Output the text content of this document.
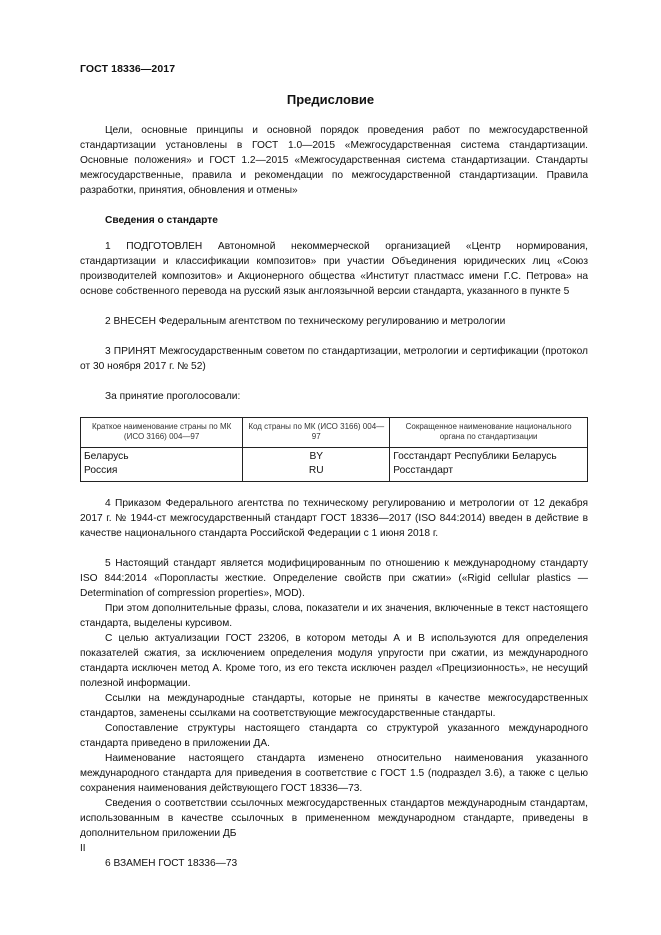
ГОСТ 18336—2017
Предисловие

Цели, основные принципы и основной порядок проведения работ по межгосударственной стандартизации установлены в ГОСТ 1.0—2015 «Межгосударственная система стандартизации. Основные положения» и ГОСТ 1.2—2015 «Межгосударственная система стандартизации. Стандарты межгосударственные, правила и рекомендации по межгосударственной стандартизации. Правила разработки, принятия, обновления и отмены»

Сведения о стандарте

1 ПОДГОТОВЛЕН Автономной некоммерческой организацией «Центр нормирования, стандартизации и классификации композитов» при участии Объединения юридических лиц «Союз производителей композитов» и Акционерного общества «Институт пластмасс имени Г.С. Петрова» на основе собственного перевода на русский язык англоязычной версии стандарта, указанного в пункте 5

2 ВНЕСЕН Федеральным агентством по техническому регулированию и метрологии

3 ПРИНЯТ Межгосударственным советом по стандартизации, метрологии и сертификации (протокол от 30 ноября 2017 г. № 52)

За принятие проголосовали:

Краткое наименование страны по МК (ИСО 3166) 004—97	Код страны по МК (ИСО 3166) 004—97	Сокращенное наименование национального органа по стандартизации
Беларусь	BY	Госстандарт Республики Беларусь
Россия	RU	Росстандарт

4 Приказом Федерального агентства по техническому регулированию и метрологии от 12 декабря 2017 г. № 1944-ст межгосударственный стандарт ГОСТ 18336—2017 (ISO 844:2014) введен в действие в качестве национального стандарта Российской Федерации с 1 июня 2018 г.

5 Настоящий стандарт является модифицированным по отношению к международному стандарту ISO 844:2014 «Поропласты жесткие. Определение свойств при сжатии» («Rigid cellular plastics — Determination of compression properties», MOD).

При этом дополнительные фразы, слова, показатели и их значения, включенные в текст настоящего стандарта, выделены курсивом.

С целью актуализации ГОСТ 23206, в котором методы А и В используются для определения показателей сжатия, за исключением определения модуля упругости при сжатии, из международного стандарта исключен метод А. Кроме того, из его текста исключен раздел «Прецизионность», не несущий полезной информации.

Ссылки на международные стандарты, которые не приняты в качестве межгосударственных стандартов, заменены ссылками на соответствующие межгосударственные стандарты.

Сопоставление структуры настоящего стандарта со структурой указанного международного стандарта приведено в приложении ДА.

Наименование настоящего стандарта изменено относительно наименования указанного международного стандарта для приведения в соответствие с ГОСТ 1.5 (подраздел 3.6), а также с целью сохранения наименования действующего ГОСТ 18336—73.

Сведения о соответствии ссылочных межгосударственных стандартов международным стандартам, использованным в качестве ссылочных в примененном международном стандарте, приведены в дополнительном приложении ДБ

6 ВЗАМЕН ГОСТ 18336—73

II
